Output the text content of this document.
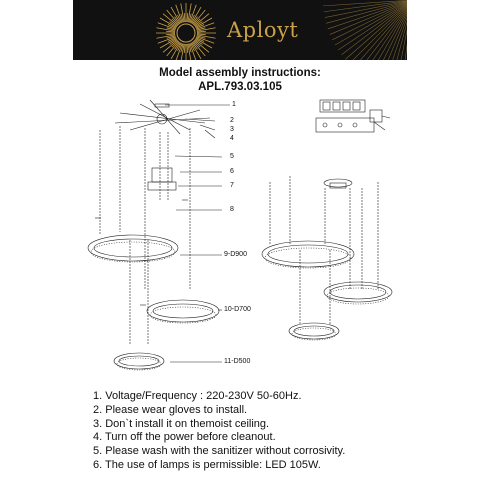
Aployt
Model assembly instructions:
APL.793.03.105
1
2
3
4
5
6
7
8
9-D900
10-D700
11-D500
1. Voltage/Frequency : 220-230V 50-60Hz.
2. Please wear gloves to install.
3. Don`t install it on themoist ceiling.
4. Turn off the power before cleanout.
5. Please wash with the sanitizer without corrosivity.
6. The use of lamps is permissible: LED 105W.
